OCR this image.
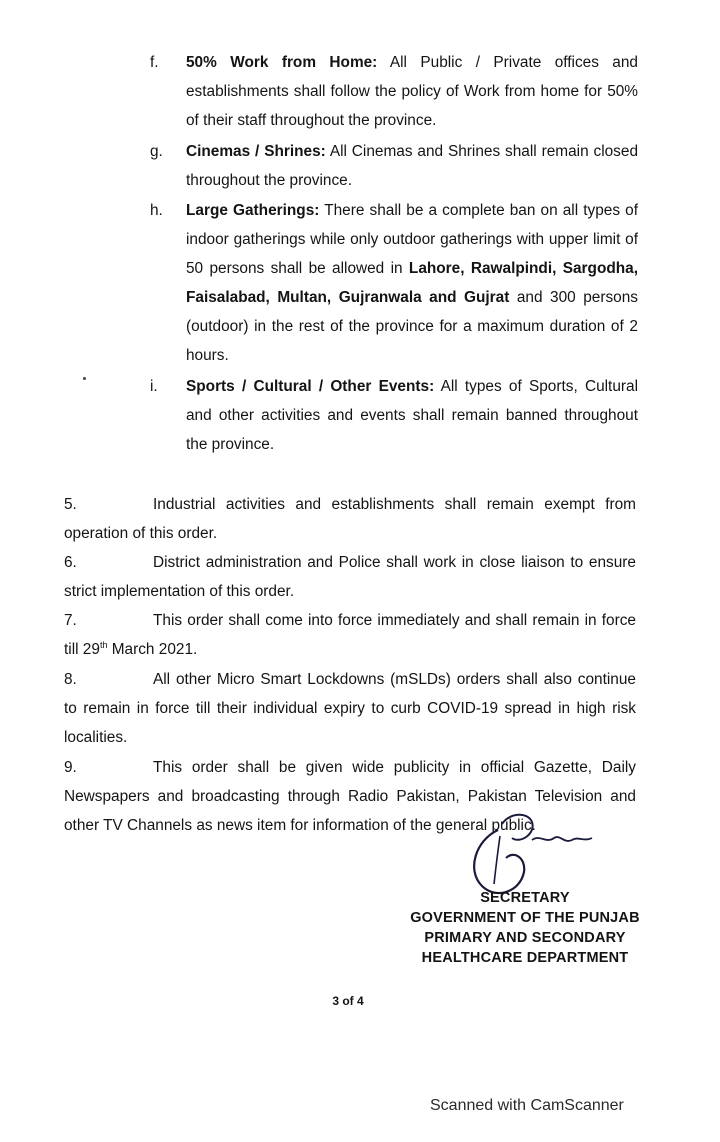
f. 50% Work from Home: All Public / Private offices and establishments shall follow the policy of Work from home for 50% of their staff throughout the province.
g. Cinemas / Shrines: All Cinemas and Shrines shall remain closed throughout the province.
h. Large Gatherings: There shall be a complete ban on all types of indoor gatherings while only outdoor gatherings with upper limit of 50 persons shall be allowed in Lahore, Rawalpindi, Sargodha, Faisalabad, Multan, Gujranwala and Gujrat and 300 persons (outdoor) in the rest of the province for a maximum duration of 2 hours.
i. Sports / Cultural / Other Events: All types of Sports, Cultural and other activities and events shall remain banned throughout the province.
5.	Industrial activities and establishments shall remain exempt from operation of this order.
6.	District administration and Police shall work in close liaison to ensure strict implementation of this order.
7.	This order shall come into force immediately and shall remain in force till 29th March 2021.
8.	All other Micro Smart Lockdowns (mSLDs) orders shall also continue to remain in force till their individual expiry to curb COVID-19 spread in high risk localities.
9.	This order shall be given wide publicity in official Gazette, Daily Newspapers and broadcasting through Radio Pakistan, Pakistan Television and other TV Channels as news item for information of the general public.
SECRETARY
GOVERNMENT OF THE PUNJAB
PRIMARY AND SECONDARY
HEALTHCARE DEPARTMENT
3 of 4
Scanned with CamScanner
